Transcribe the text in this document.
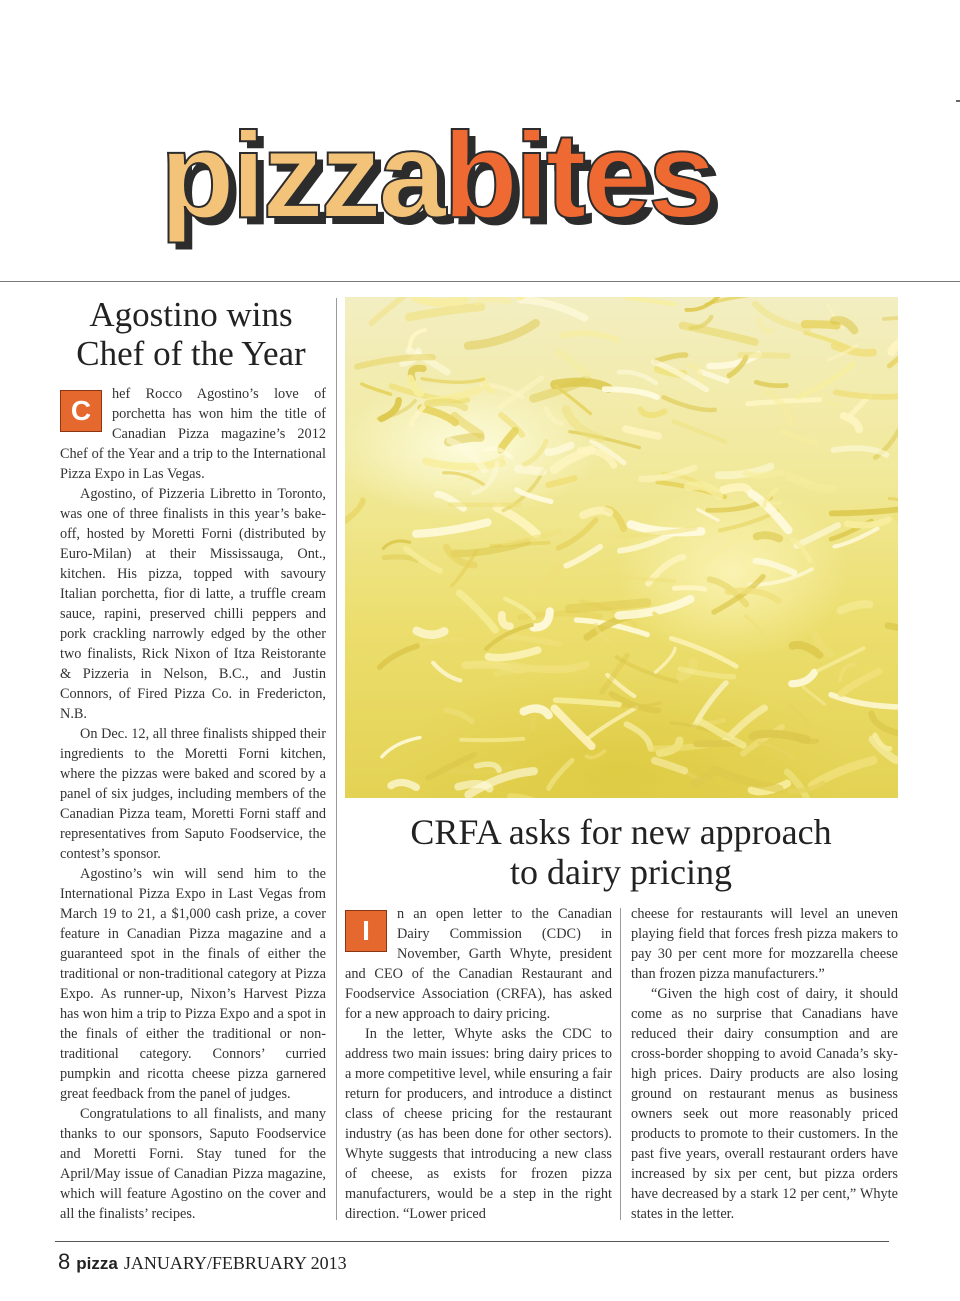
pizzabites
Agostino wins
Chef of the Year
C

hef Rocco Agostino’s love of porchetta has won him the title of Canadian Pizza magazine’s 2012 Chef of the Year and a trip to the International Pizza Expo in Las Vegas.

Agostino, of Pizzeria Libretto in Toronto, was one of three finalists in this year’s bake-off, hosted by Moretti Forni (distributed by Euro-Milan) at their Mississauga, Ont., kitchen. His pizza, topped with savoury Italian porchetta, fior di latte, a truffle cream sauce, rapini, preserved chilli peppers and pork crackling narrowly edged by the other two finalists, Rick Nixon of Itza Reistorante & Pizzeria in Nelson, B.C., and Justin Connors, of Fired Pizza Co. in Fredericton, N.B.

On Dec. 12, all three finalists shipped their ingredients to the Moretti Forni kitchen, where the pizzas were baked and scored by a panel of six judges, including members of the Canadian Pizza team, Moretti Forni staff and representatives from Saputo Foodservice, the contest’s sponsor.

Agostino’s win will send him to the International Pizza Expo in Last Vegas from March 19 to 21, a $1,000 cash prize, a cover feature in Canadian Pizza magazine and a guaranteed spot in the finals of either the traditional or non-traditional category at Pizza Expo. As runner-up, Nixon’s Harvest Pizza has won him a trip to Pizza Expo and a spot in the finals of either the traditional or non-traditional category. Connors’ curried pumpkin and ricotta cheese pizza garnered great feedback from the panel of judges.

Congratulations to all finalists, and many thanks to our sponsors, Saputo Foodservice and Moretti Forni. Stay tuned for the April/May issue of Canadian Pizza magazine, which will feature Agostino on the cover and all the finalists’ recipes.

CRFA asks for new approach
to dairy pricing
I

n an open letter to the Canadian Dairy Commission (CDC) in November, Garth Whyte, president and CEO of the Canadian Restaurant and Foodservice Association (CRFA), has asked for a new approach to dairy pricing.

In the letter, Whyte asks the CDC to address two main issues: bring dairy prices to a more competitive level, while ensuring a fair return for producers, and introduce a distinct class of cheese pricing for the restaurant industry (as has been done for other sectors). Whyte suggests that introducing a new class of cheese, as exists for frozen pizza manufacturers, would be a step in the right direction. “Lower priced

cheese for restaurants will level an uneven playing field that forces fresh pizza makers to pay 30 per cent more for mozzarella cheese than frozen pizza manufacturers.”

“Given the high cost of dairy, it should come as no surprise that Canadians have reduced their dairy consumption and are cross-border shopping to avoid Canada’s sky-high prices. Dairy products are also losing ground on restaurant menus as business owners seek out more reasonably priced products to promote to their customers. In the past five years, overall restaurant orders have increased by six per cent, but pizza orders have decreased by a stark 12 per cent,” Whyte states in the letter.

8 pizza JANUARY/FEBRUARY 2013
